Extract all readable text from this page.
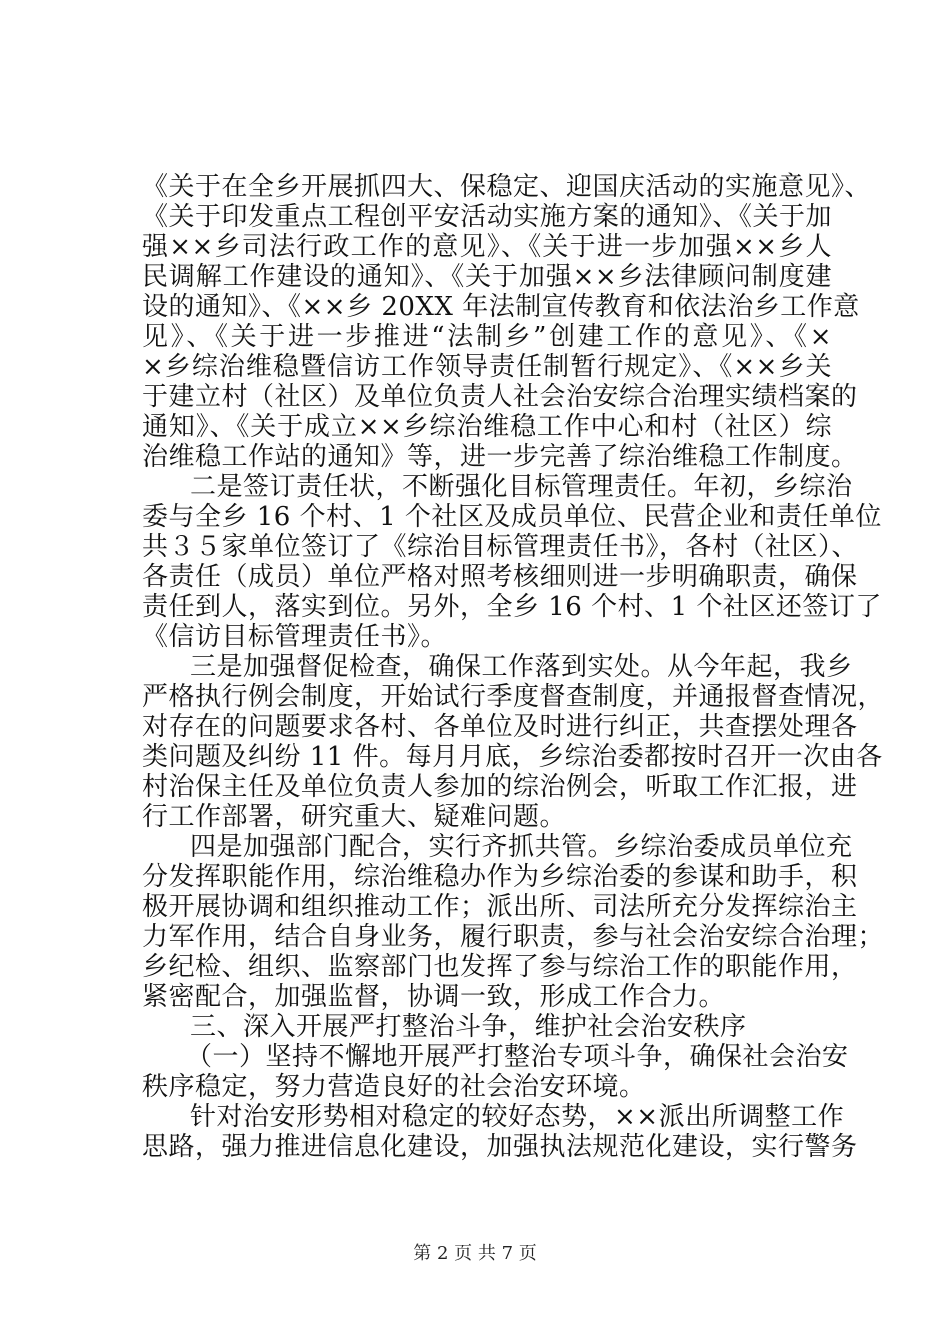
《关于在全乡开展抓四大、保稳定、迎国庆活动的实施意见》、
《关于印发重点工程创平安活动实施方案的通知》、《关于加
强××乡司法行政工作的意见》、《关于进一步加强××乡人
民调解工作建设的通知》、《关于加强××乡法律顾问制度建
设的通知》、《××乡 20XX 年法制宣传教育和依法治乡工作意
见》、《关于进一步推进“法制乡”创建工作的意见》、《×
×乡综治维稳暨信访工作领导责任制暂行规定》、《××乡关
于建立村（社区）及单位负责人社会治安综合治理实绩档案的
通知》、《关于成立××乡综治维稳工作中心和村（社区）综
治维稳工作站的通知》等，进一步完善了综治维稳工作制度。
二是签订责任状，不断强化目标管理责任。年初，乡综治
委与全乡 16 个村、1 个社区及成员单位、民营企业和责任单位
共３５家单位签订了《综治目标管理责任书》，各村（社区）、
各责任（成员）单位严格对照考核细则进一步明确职责，确保
责任到人，落实到位。另外，全乡 16 个村、1 个社区还签订了
《信访目标管理责任书》。
三是加强督促检查，确保工作落到实处。从今年起，我乡
严格执行例会制度，开始试行季度督查制度，并通报督查情况，
对存在的问题要求各村、各单位及时进行纠正，共查摆处理各
类问题及纠纷 11 件。每月月底，乡综治委都按时召开一次由各
村治保主任及单位负责人参加的综治例会，听取工作汇报，进
行工作部署，研究重大、疑难问题。
四是加强部门配合，实行齐抓共管。乡综治委成员单位充
分发挥职能作用，综治维稳办作为乡综治委的参谋和助手，积
极开展协调和组织推动工作；派出所、司法所充分发挥综治主
力军作用，结合自身业务，履行职责，参与社会治安综合治理；
乡纪检、组织、监察部门也发挥了参与综治工作的职能作用，
紧密配合，加强监督，协调一致，形成工作合力。
三、深入开展严打整治斗争，维护社会治安秩序
（一）坚持不懈地开展严打整治专项斗争，确保社会治安
秩序稳定，努力营造良好的社会治安环境。
针对治安形势相对稳定的较好态势，××派出所调整工作
思路，强力推进信息化建设，加强执法规范化建设，实行警务
第 2 页 共 7 页
